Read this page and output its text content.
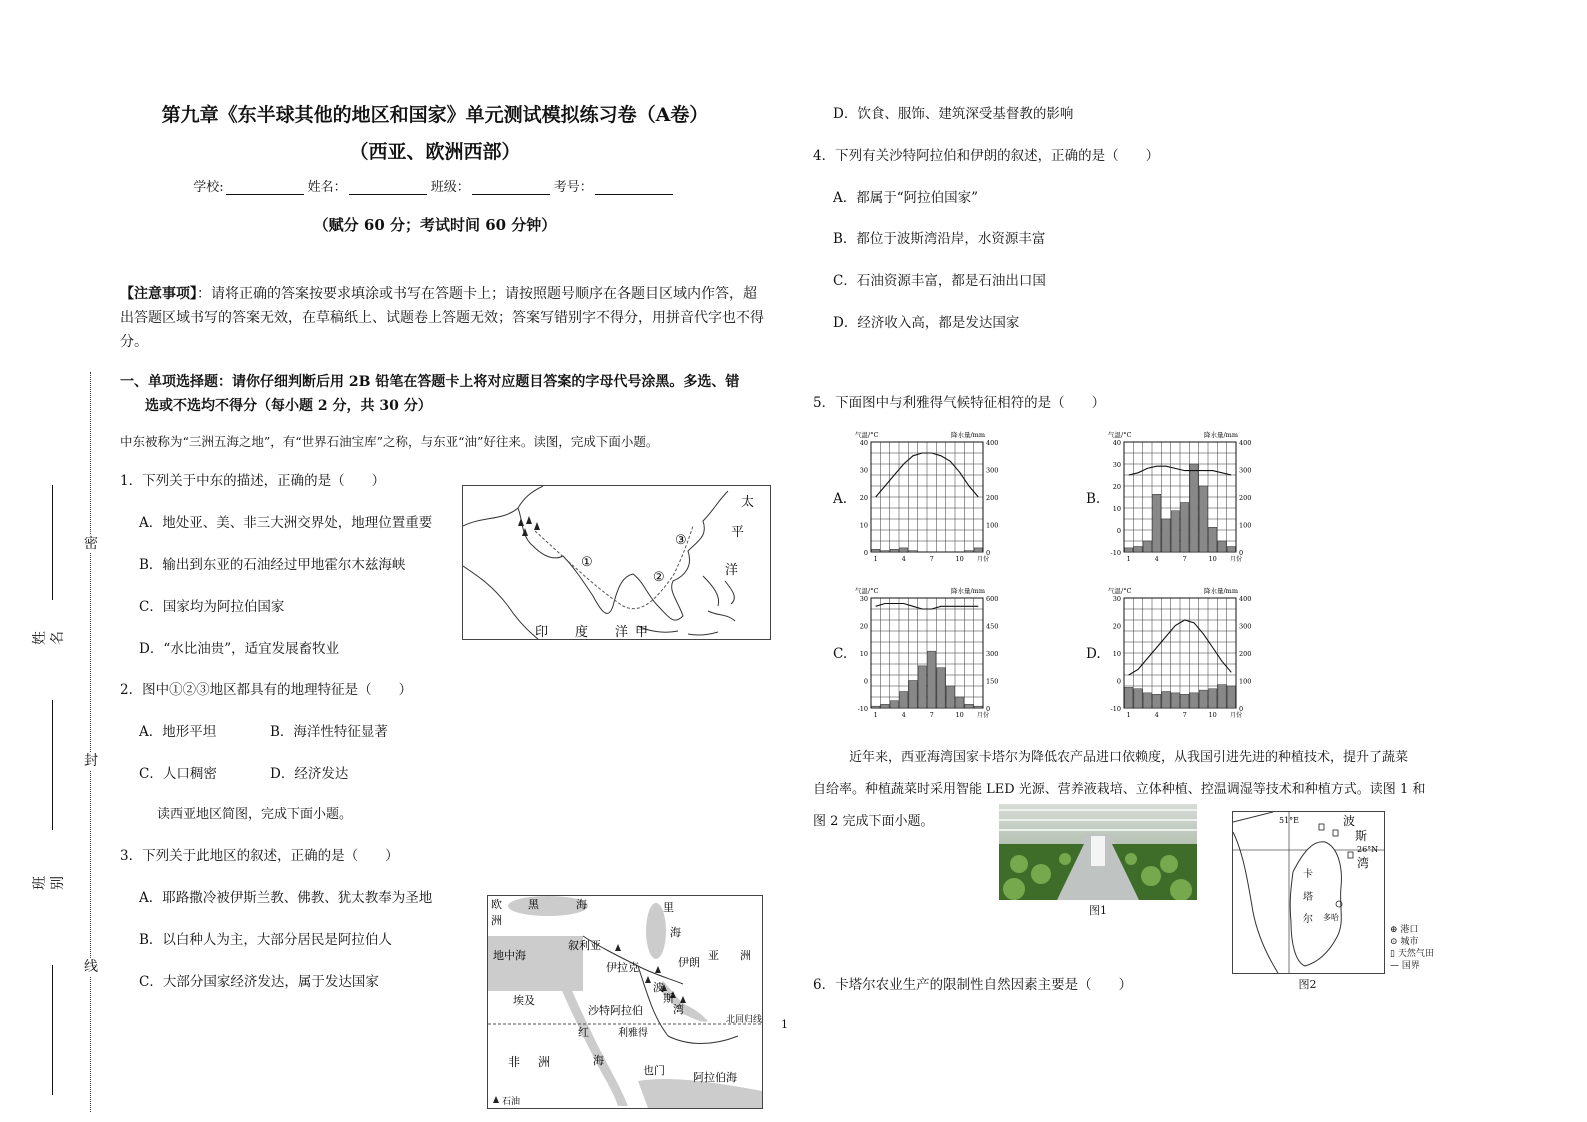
第九章《东半球其他的地区和国家》单元测试模拟练习卷（A卷）
（西亚、欧洲西部）
学校:	姓名：	班级：	考号：
（赋分 60 分；考试时间 60 分钟）
【注意事项】：请将正确的答案按要求填涂或书写在答题卡上；请按照题号顺序在各题目区域内作答，超出答题区域书写的答案无效，在草稿纸上、试题卷上答题无效；答案写错别字不得分，用拼音代字也不得分。
一、单项选择题：请你仔细判断后用 2B 铅笔在答题卡上将对应题目答案的字母代号涂黑。多选、错
选或不选均不得分（每小题 2 分，共 30 分）
中东被称为“三洲五海之地”，有“世界石油宝库”之称，与东亚“油”好往来。读图，完成下面小题。
1．下列关于中东的描述，正确的是（　　）
A．地处亚、美、非三大洲交界处，地理位置重要
B．输出到东亚的石油经过甲地霍尔木兹海峡
C．国家均为阿拉伯国家
D．“水比油贵”，适宜发展畜牧业
太
平
洋
印 度 洋 甲
①
②
③
2．图中①②③地区都具有的地理特征是（　　）
A．地形平坦	B．海洋性特征显著
C．人口稠密	D．经济发达
读西亚地区简图，完成下面小题。
3．下列关于此地区的叙述，正确的是（　　）
A．耶路撒冷被伊斯兰教、佛教、犹太教奉为圣地
B．以白种人为主，大部分居民是阿拉伯人
C．大部分国家经济发达，属于发达国家
欧
洲
黑	海	里
海
叙利亚
伊拉克	伊朗
亚 洲
地中海
埃及
沙特阿拉伯
波
斯
湾
红
海
利雅得
北回归线
非 洲
也门
阿拉伯海
石油
D．饮食、服饰、建筑深受基督教的影响
4．下列有关沙特阿拉伯和伊朗的叙述，正确的是（　　）
A．都属于“阿拉伯国家”
B．都位于波斯湾沿岸，水资源丰富
C．石油资源丰富，都是石油出口国
D．经济收入高，都是发达国家
5．下面图中与利雅得气候特征相符的是（　　）
A.	B.
C.	D.
0
10
20
30
40
0
100
200
300
400
1	4	7	10 月份
气温/°C	降水量/mm
-10
0
10
20
30
40
0
100
200
300
400
1	4	7	10 月份
气温/°C	降水量/mm
-10
0
10
20
30
0
150
300
450
600
1	4	7	10 月份
气温/°C	降水量/mm
-10
0
10
20
30
0
100
200
300
400
1	4	7	10 月份
气温/°C	降水量/mm
近年来，西亚海湾国家卡塔尔为降低农产品进口依赖度，从我国引进先进的种植技术，提升了蔬菜
自给率。种植蔬菜时采用智能 LED 光源、营养液栽培、立体种植、控温调湿等技术和种植方式。读图 1 和
图 2 完成下面小题。
图1
51°E	波
斯
湾
26°N
卡
塔
尔 多哈
图2
⊕ 港口
⊙ 城市
▯ 天然气田
— 国界
6．卡塔尔农业生产的限制性自然因素主要是（　　）
1
密
封
线
姓名
班别
